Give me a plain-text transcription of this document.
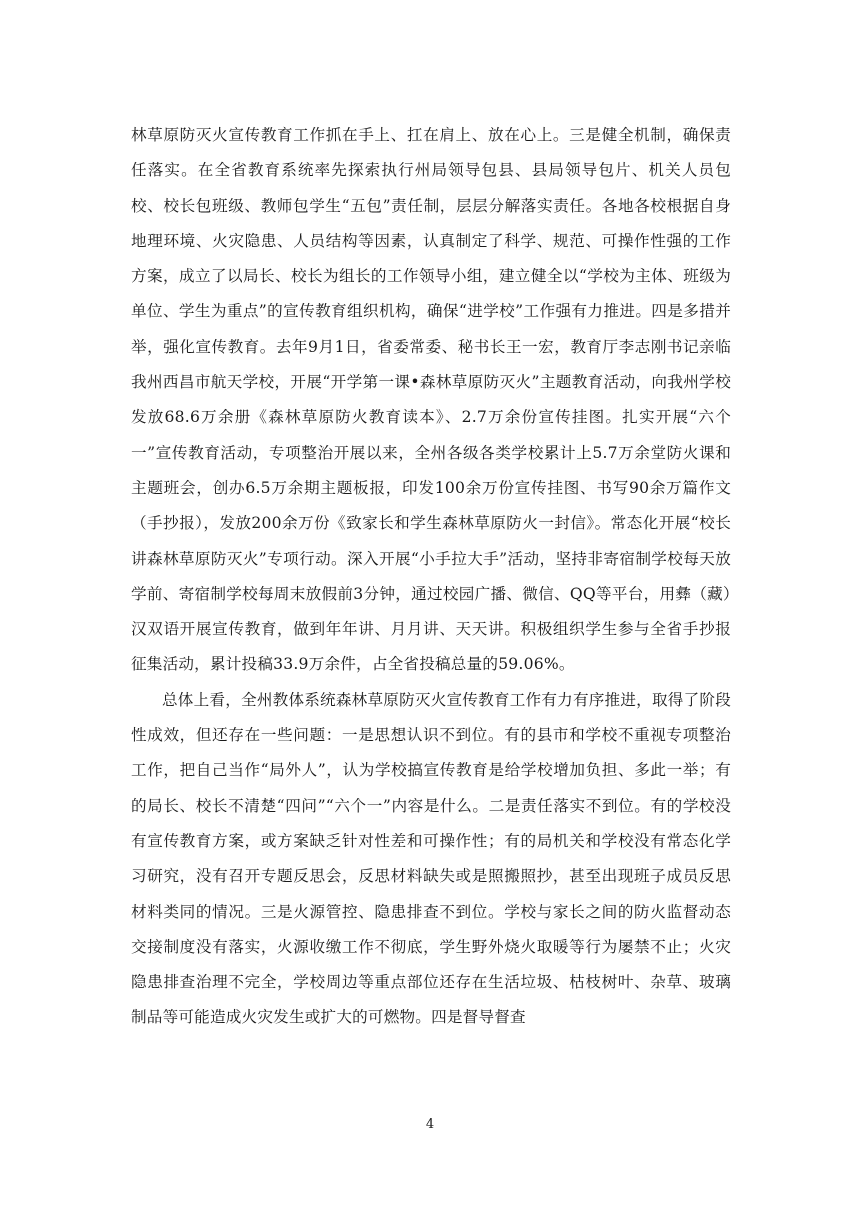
林草原防灭火宣传教育工作抓在手上、扛在肩上、放在心上。三是健全机制，确保责任落实。在全省教育系统率先探索执行州局领导包县、县局领导包片、机关人员包校、校长包班级、教师包学生“五包”责任制，层层分解落实责任。各地各校根据自身地理环境、火灾隐患、人员结构等因素，认真制定了科学、规范、可操作性强的工作方案，成立了以局长、校长为组长的工作领导小组，建立健全以“学校为主体、班级为单位、学生为重点”的宣传教育组织机构，确保“进学校”工作强有力推进。四是多措并举，强化宣传教育。去年9月1日，省委常委、秘书长王一宏，教育厅李志刚书记亲临我州西昌市航天学校，开展“开学第一课•森林草原防灭火”主题教育活动，向我州学校发放68.6万余册《森林草原防火教育读本》、2.7万余份宣传挂图。扎实开展“六个一”宣传教育活动，专项整治开展以来，全州各级各类学校累计上5.7万余堂防火课和主题班会，创办6.5万余期主题板报，印发100余万份宣传挂图、书写90余万篇作文（手抄报），发放200余万份《致家长和学生森林草原防火一封信》。常态化开展“校长讲森林草原防灭火”专项行动。深入开展“小手拉大手”活动，坚持非寄宿制学校每天放学前、寄宿制学校每周末放假前3分钟，通过校园广播、微信、QQ等平台，用彝（藏）汉双语开展宣传教育，做到年年讲、月月讲、天天讲。积极组织学生参与全省手抄报征集活动，累计投稿33.9万余件，占全省投稿总量的59.06%。

总体上看，全州教体系统森林草原防灭火宣传教育工作有力有序推进，取得了阶段性成效，但还存在一些问题：一是思想认识不到位。有的县市和学校不重视专项整治工作，把自己当作“局外人”，认为学校搞宣传教育是给学校增加负担、多此一举；有的局长、校长不清楚“四问”“六个一”内容是什么。二是责任落实不到位。有的学校没有宣传教育方案，或方案缺乏针对性差和可操作性；有的局机关和学校没有常态化学习研究，没有召开专题反思会，反思材料缺失或是照搬照抄，甚至出现班子成员反思材料类同的情况。三是火源管控、隐患排查不到位。学校与家长之间的防火监督动态交接制度没有落实，火源收缴工作不彻底，学生野外烧火取暖等行为屡禁不止；火灾隐患排查治理不完全，学校周边等重点部位还存在生活垃圾、枯枝树叶、杂草、玻璃制品等可能造成火灾发生或扩大的可燃物。四是督导督查

4
